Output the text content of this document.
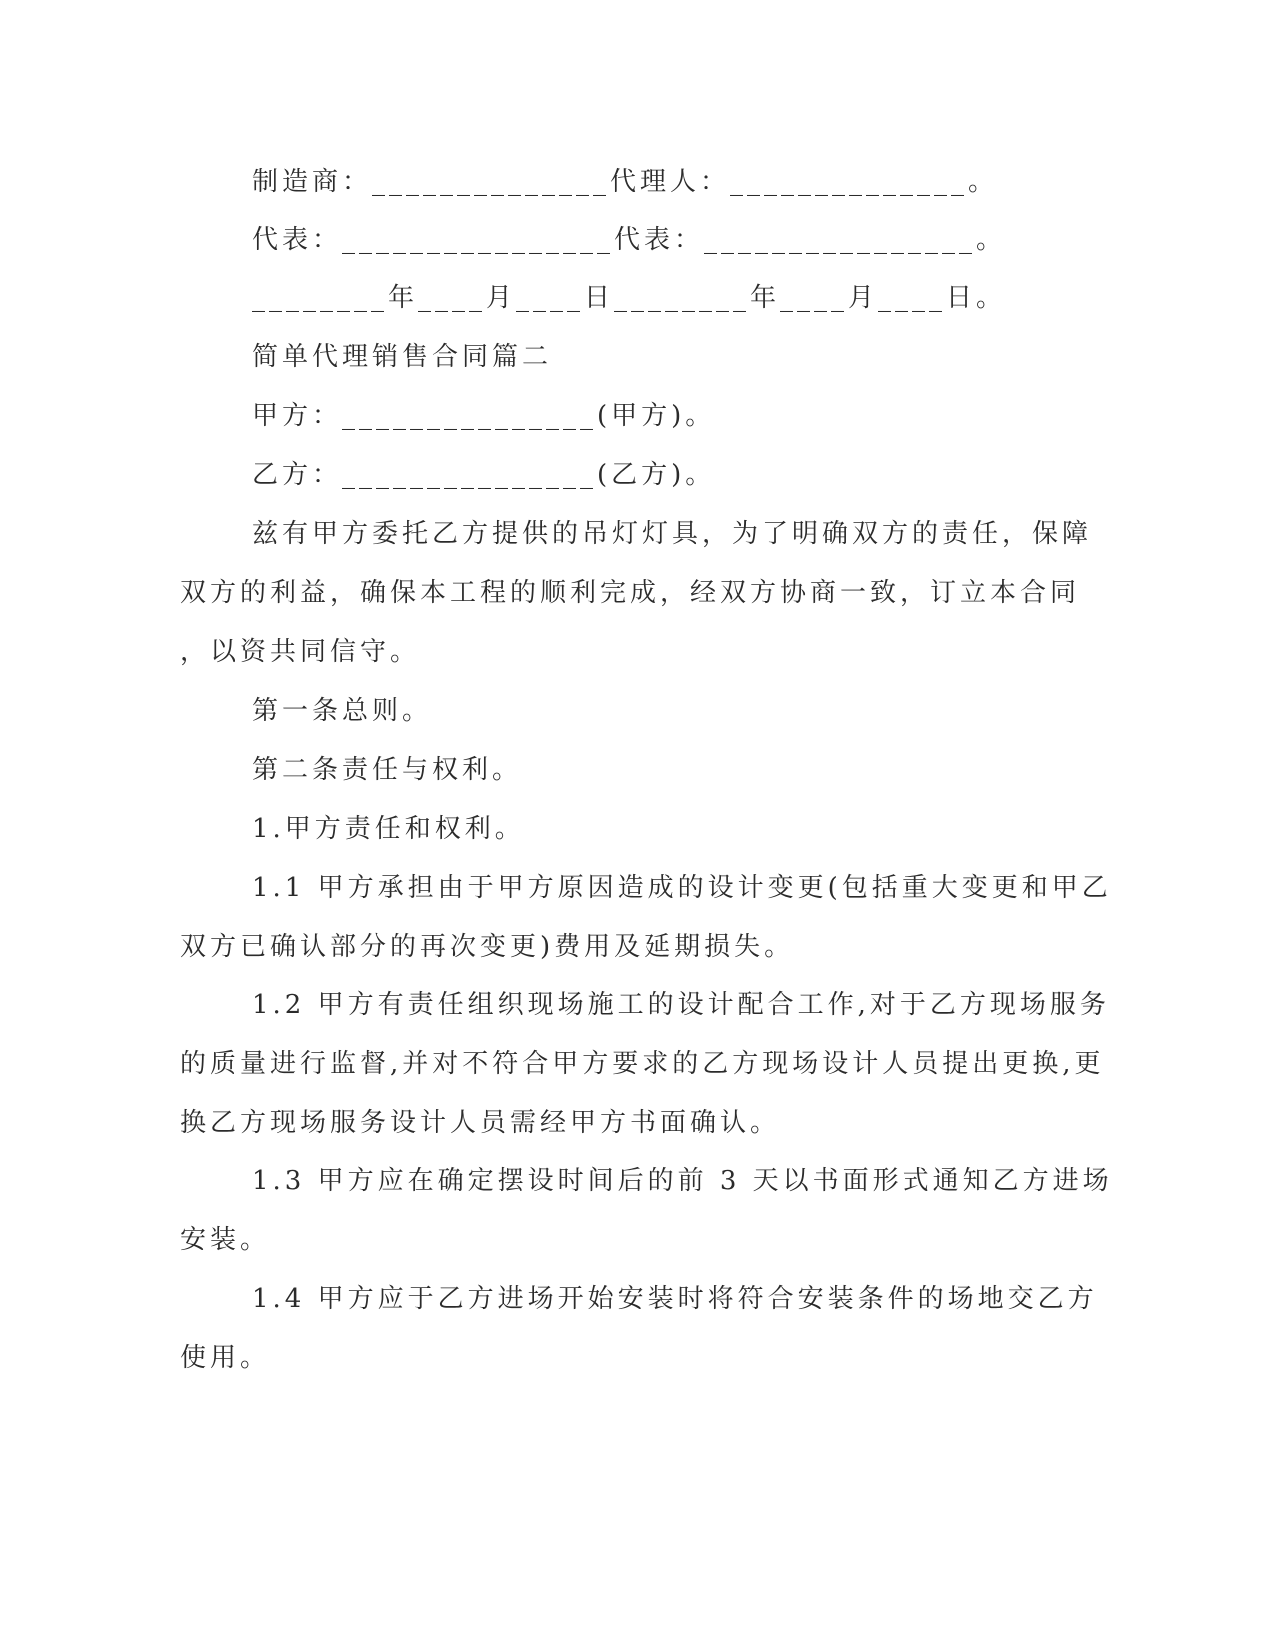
制造商：______________代理人：______________。
代表：________________代表：________________。
________年____月____日________年____月____日。
简单代理销售合同篇二
甲方：_______________(甲方)。
乙方：_______________(乙方)。
兹有甲方委托乙方提供的吊灯灯具，为了明确双方的责任，保障
双方的利益，确保本工程的顺利完成，经双方协商一致，订立本合同
，以资共同信守。
第一条总则。
第二条责任与权利。
1.甲方责任和权利。
1.1 甲方承担由于甲方原因造成的设计变更(包括重大变更和甲乙
双方已确认部分的再次变更)费用及延期损失。
1.2 甲方有责任组织现场施工的设计配合工作,对于乙方现场服务
的质量进行监督,并对不符合甲方要求的乙方现场设计人员提出更换,更
换乙方现场服务设计人员需经甲方书面确认。
1.3 甲方应在确定摆设时间后的前 3 天以书面形式通知乙方进场
安装。
1.4 甲方应于乙方进场开始安装时将符合安装条件的场地交乙方
使用。
